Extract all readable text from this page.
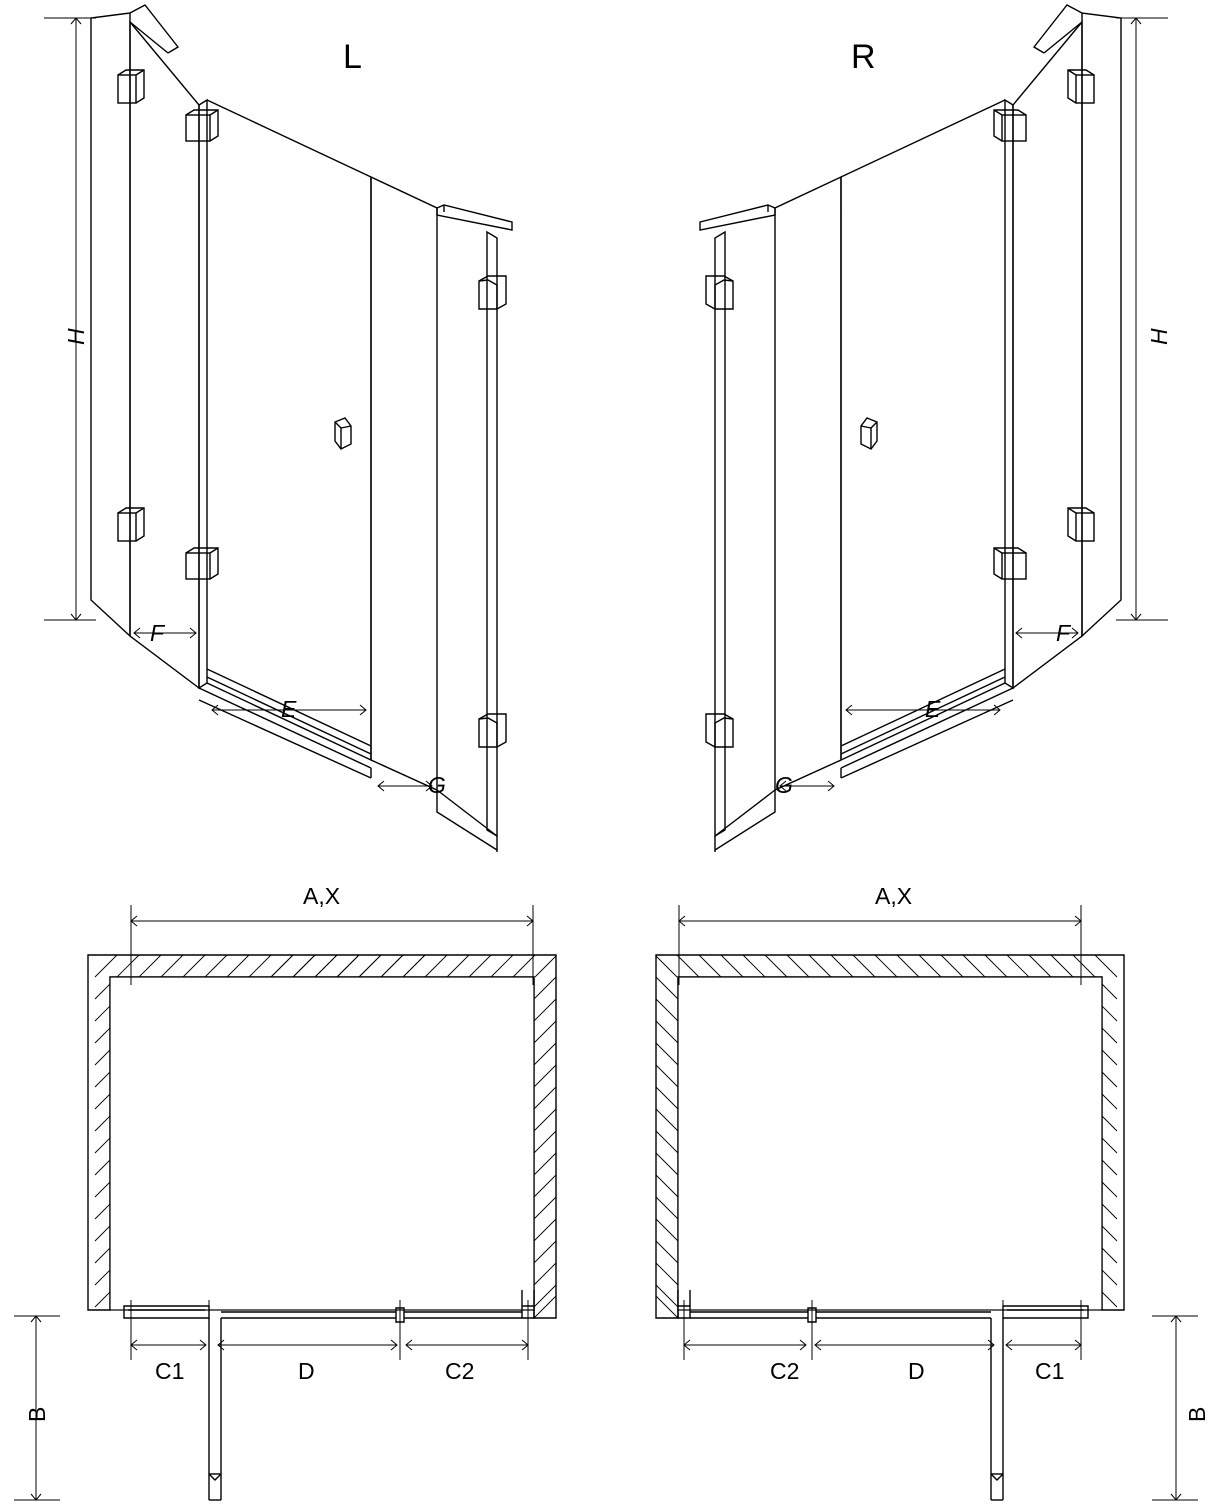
L
H
F
E
G
R
H
F
E
G
A,X
C1	D	C2
B
A,X
C2	D	C1
B
